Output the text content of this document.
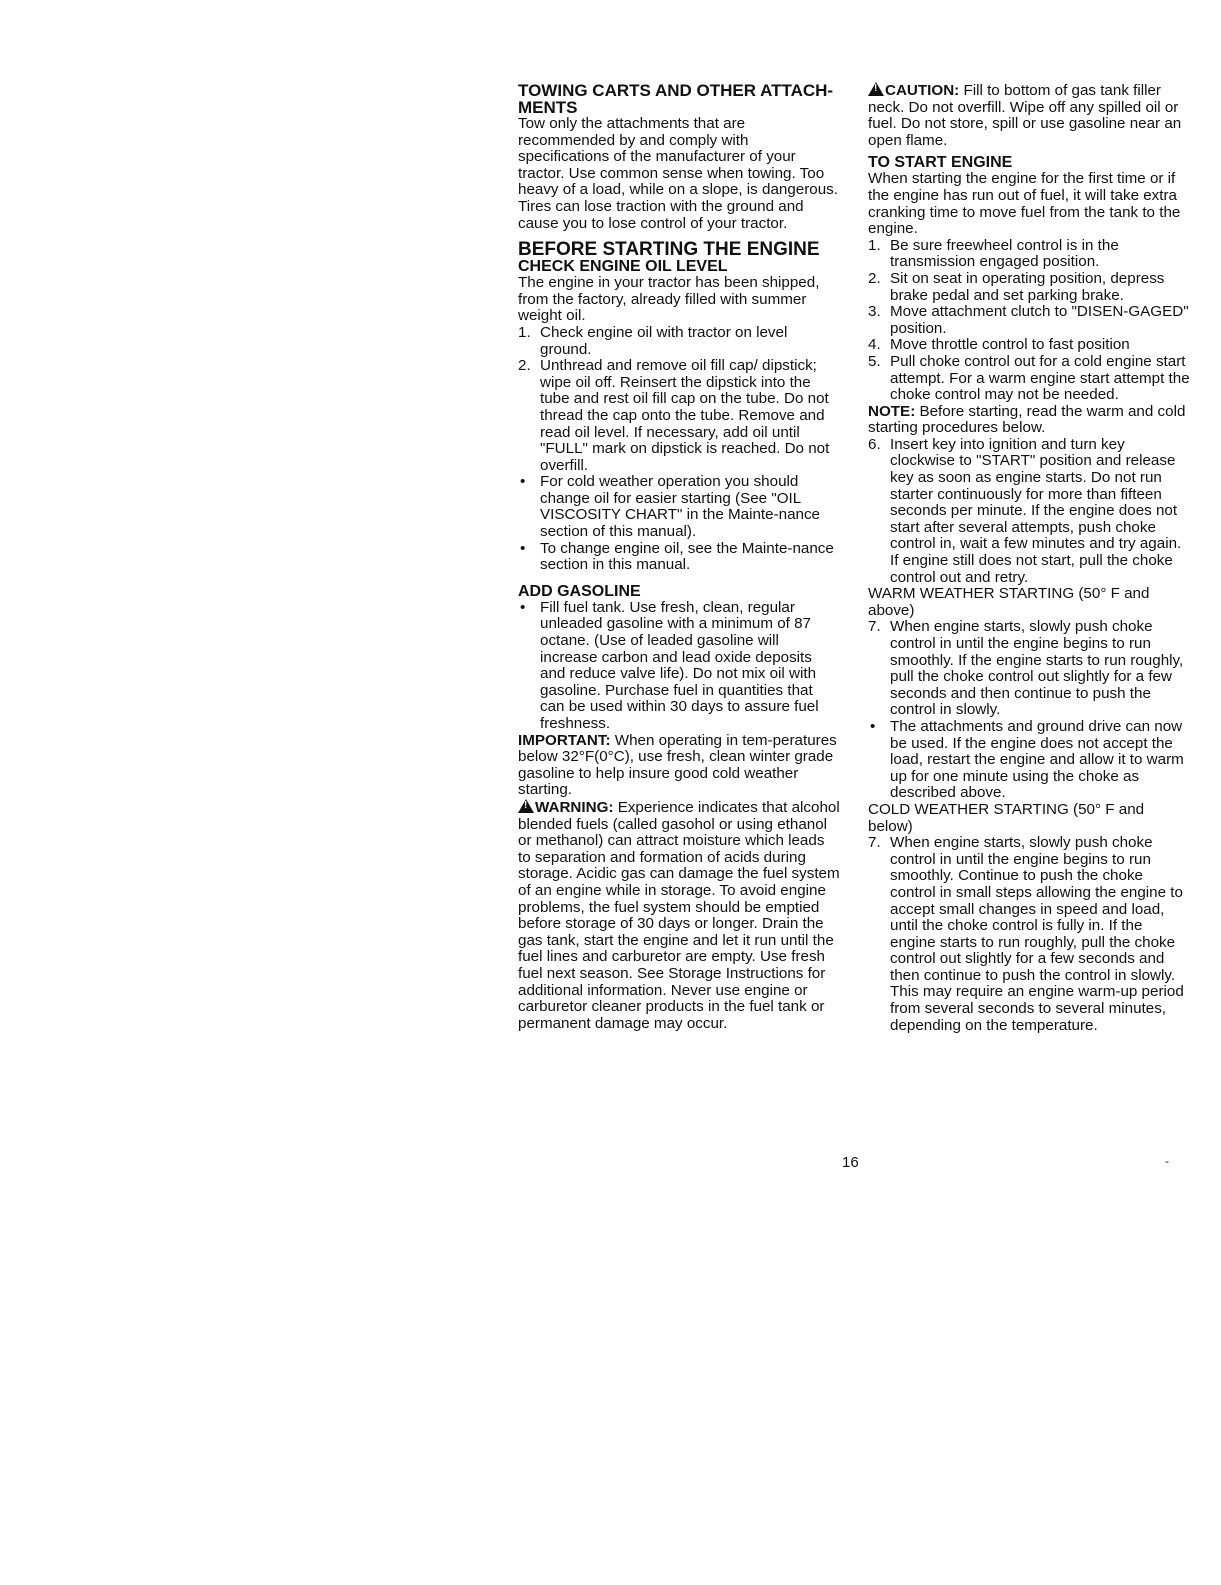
TOWING CARTS AND OTHER ATTACH-MENTS

Tow only the attachments that are recommended by and comply with specifications of the manufacturer of your tractor. Use common sense when towing. Too heavy of a load, while on a slope, is dangerous. Tires can lose traction with the ground and cause you to lose control of your tractor.

BEFORE STARTING THE ENGINE
CHECK ENGINE OIL LEVEL

The engine in your tractor has been shipped, from the factory, already filled with summer weight oil.

1. Check engine oil with tractor on level ground.
2. Unthread and remove oil fill cap/ dipstick; wipe oil off. Reinsert the dipstick into the tube and rest oil fill cap on the tube. Do not thread the cap onto the tube. Remove and read oil level. If necessary, add oil until "FULL" mark on dipstick is reached. Do not overfill.
• For cold weather operation you should change oil for easier starting (See "OIL VISCOSITY CHART" in the Mainte-nance section of this manual).
• To change engine oil, see the Mainte-nance section in this manual.
ADD GASOLINE
• Fill fuel tank. Use fresh, clean, regular unleaded gasoline with a minimum of 87 octane. (Use of leaded gasoline will increase carbon and lead oxide deposits and reduce valve life). Do not mix oil with gasoline. Purchase fuel in quantities that can be used within 30 days to assure fuel freshness.

IMPORTANT: When operating in tem-peratures below 32°F(0°C), use fresh, clean winter grade gasoline to help insure good cold weather starting.

!WARNING: Experience indicates that alcohol blended fuels (called gasohol or using ethanol or methanol) can attract moisture which leads to separation and formation of acids during storage. Acidic gas can damage the fuel system of an engine while in storage. To avoid engine problems, the fuel system should be emptied before storage of 30 days or longer. Drain the gas tank, start the engine and let it run until the fuel lines and carburetor are empty. Use fresh fuel next season. See Storage Instructions for additional information. Never use engine or carburetor cleaner products in the fuel tank or permanent damage may occur.

!CAUTION: Fill to bottom of gas tank filler neck. Do not overfill. Wipe off any spilled oil or fuel. Do not store, spill or use gasoline near an open flame.

TO START ENGINE

When starting the engine for the first time or if the engine has run out of fuel, it will take extra cranking time to move fuel from the tank to the engine.

1. Be sure freewheel control is in the transmission engaged position.
2. Sit on seat in operating position, depress brake pedal and set parking brake.
3. Move attachment clutch to "DISEN-GAGED" position.
4. Move throttle control to fast position
5. Pull choke control out for a cold engine start attempt. For a warm engine start attempt the choke control may not be needed.

NOTE: Before starting, read the warm and cold starting procedures below.

6. Insert key into ignition and turn key clockwise to "START" position and release key as soon as engine starts. Do not run starter continuously for more than fifteen seconds per minute. If the engine does not start after several attempts, push choke control in, wait a few minutes and try again. If engine still does not start, pull the choke control out and retry.

WARM WEATHER STARTING (50° F and above)

7. When engine starts, slowly push choke control in until the engine begins to run smoothly. If the engine starts to run roughly, pull the choke control out slightly for a few seconds and then continue to push the control in slowly.
• The attachments and ground drive can now be used. If the engine does not accept the load, restart the engine and allow it to warm up for one minute using the choke as described above.

COLD WEATHER STARTING (50° F and below)

7. When engine starts, slowly push choke control in until the engine begins to run smoothly. Continue to push the choke control in small steps allowing the engine to accept small changes in speed and load, until the choke control is fully in. If the engine starts to run roughly, pull the choke control out slightly for a few seconds and then continue to push the control in slowly. This may require an engine warm-up period from several seconds to several minutes, depending on the temperature.
16	-
